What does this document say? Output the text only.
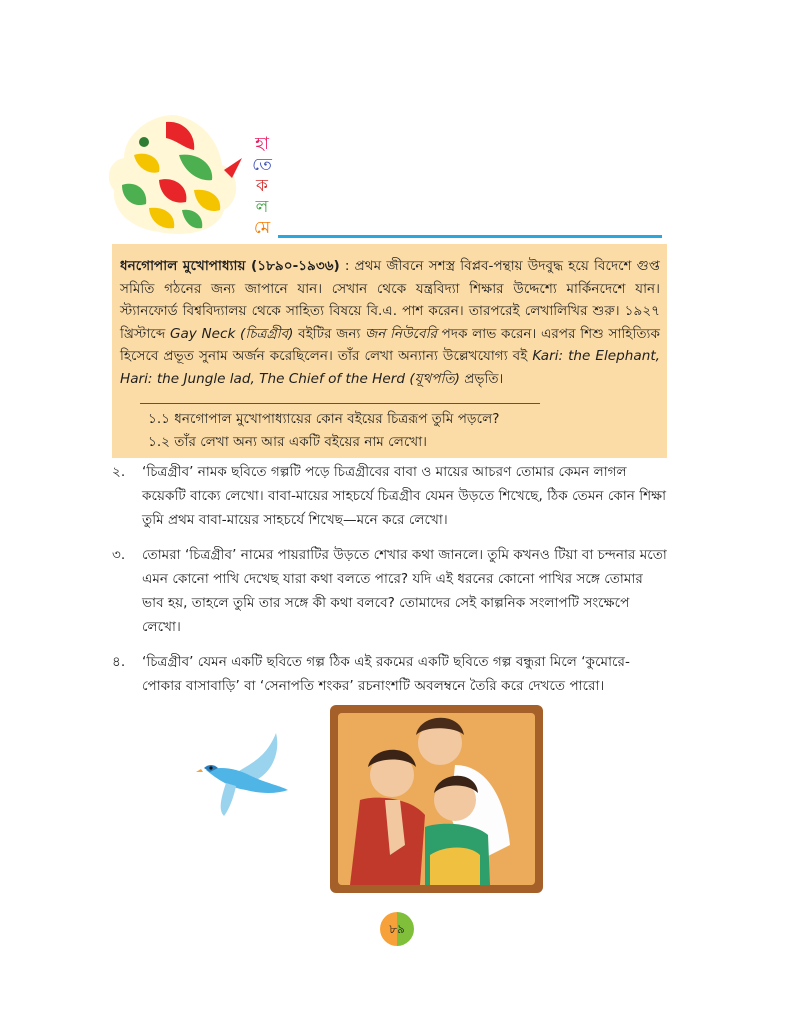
হা
তে
ক
ল
মে
ধনগোপাল মুখোপাধ্যায় (১৮৯০-১৯৩৬) : প্রথম জীবনে সশস্ত্র বিপ্লব-পন্থায় উদবুদ্ধ হয়ে বিদেশে গুপ্ত সমিতি গঠনের জন্য জাপানে যান। সেখান থেকে যন্ত্রবিদ্যা শিক্ষার উদ্দেশ্যে মার্কিনদেশে যান। স্ট্যানফোর্ড বিশ্ববিদ্যালয় থেকে সাহিত্য বিষয়ে বি.এ. পাশ করেন। তারপরেই লেখালিখির শুরু। ১৯২৭ খ্রিস্টাব্দে Gay Neck (চিত্রগ্রীব) বইটির জন্য জন নিউবেরি পদক লাভ করেন। এরপর শিশু সাহিত্যিক হিসেবে প্রভূত সুনাম অর্জন করেছিলেন। তাঁর লেখা অন্যান্য উল্লেখযোগ্য বই Kari: the Elephant, Hari: the Jungle lad, The Chief of the Herd (যূথপতি) প্রভৃতি।
১.১ ধনগোপাল মুখোপাধ্যায়ের কোন বইয়ের চিত্ররূপ তুমি পড়লে?
১.২ তাঁর লেখা অন্য আর একটি বইয়ের নাম লেখো।
২.	‘চিত্রগ্রীব’ নামক ছবিতে গল্পটি পড়ে চিত্রগ্রীবের বাবা ও মায়ের আচরণ তোমার কেমন লাগল কয়েকটি বাক্যে লেখো। বাবা-মায়ের সাহচর্যে চিত্রগ্রীব যেমন উড়তে শিখেছে, ঠিক তেমন কোন শিক্ষা তুমি প্রথম বাবা-মায়ের সাহচর্যে শিখেছ—মনে করে লেখো।
৩.	তোমরা ‘চিত্রগ্রীব’ নামের পায়রাটির উড়তে শেখার কথা জানলে। তুমি কখনও টিয়া বা চন্দনার মতো এমন কোনো পাখি দেখেছ যারা কথা বলতে পারে? যদি এই ধরনের কোনো পাখির সঙ্গে তোমার ভাব হয়, তাহলে তুমি তার সঙ্গে কী কথা বলবে? তোমাদের সেই কাল্পনিক সংলাপটি সংক্ষেপে লেখো।
৪.	‘চিত্রগ্রীব’ যেমন একটি ছবিতে গল্প ঠিক এই রকমের একটি ছবিতে গল্প বন্ধুরা মিলে ‘কুমোরে-পোকার বাসাবাড়ি’ বা ‘সেনাপতি শংকর’ রচনাংশটি অবলম্বনে তৈরি করে দেখতে পারো।
৮৯
